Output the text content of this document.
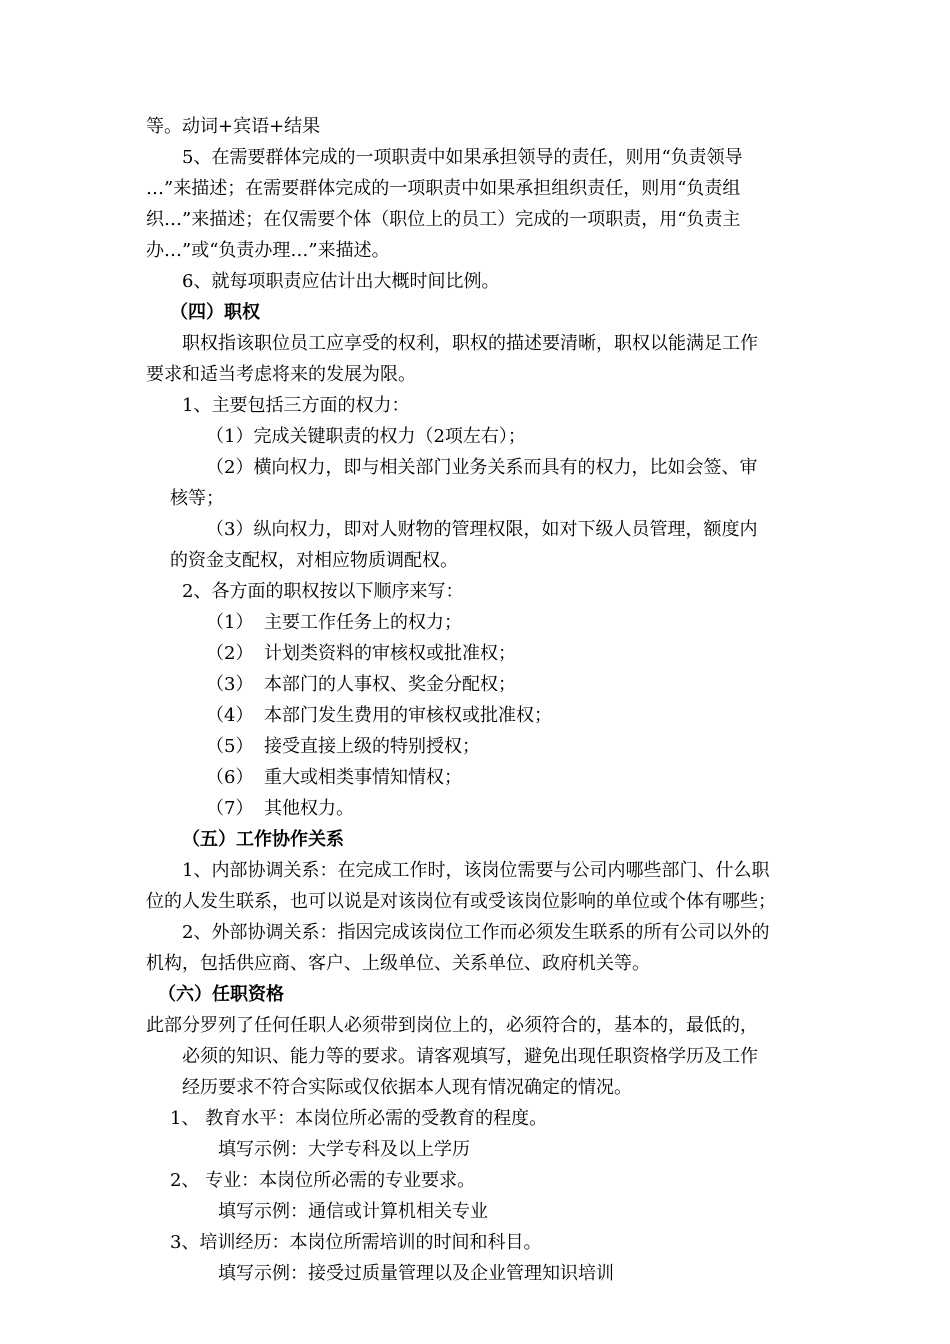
等。动词+宾语+结果
5、在需要群体完成的一项职责中如果承担领导的责任，则用“负责领导
…”来描述；在需要群体完成的一项职责中如果承担组织责任，则用“负责组
织…”来描述；在仅需要个体（职位上的员工）完成的一项职责，用“负责主
办…”或“负责办理…”来描述。
6、就每项职责应估计出大概时间比例。
（四）职权
职权指该职位员工应享受的权利，职权的描述要清晰，职权以能满足工作
要求和适当考虑将来的发展为限。
1、主要包括三方面的权力：
（1）完成关键职责的权力（2项左右）；
（2）横向权力，即与相关部门业务关系而具有的权力，比如会签、审
核等；
（3）纵向权力，即对人财物的管理权限，如对下级人员管理，额度内
的资金支配权，对相应物质调配权。
2、各方面的职权按以下顺序来写：
（1） 主要工作任务上的权力；
（2） 计划类资料的审核权或批准权；
（3） 本部门的人事权、奖金分配权；
（4） 本部门发生费用的审核权或批准权；
（5） 接受直接上级的特别授权；
（6） 重大或相类事情知情权；
（7） 其他权力。
（五）工作协作关系
1、内部协调关系：在完成工作时，该岗位需要与公司内哪些部门、什么职
位的人发生联系，也可以说是对该岗位有或受该岗位影响的单位或个体有哪些；
2、外部协调关系：指因完成该岗位工作而必须发生联系的所有公司以外的
机构，包括供应商、客户、上级单位、关系单位、政府机关等。
（六）任职资格
此部分罗列了任何任职人必须带到岗位上的，必须符合的，基本的，最低的，
必须的知识、能力等的要求。请客观填写，避免出现任职资格学历及工作
经历要求不符合实际或仅依据本人现有情况确定的情况。
1、 教育水平：本岗位所必需的受教育的程度。
填写示例：大学专科及以上学历
2、 专业：本岗位所必需的专业要求。
填写示例：通信或计算机相关专业
3、培训经历：本岗位所需培训的时间和科目。
填写示例：接受过质量管理以及企业管理知识培训
